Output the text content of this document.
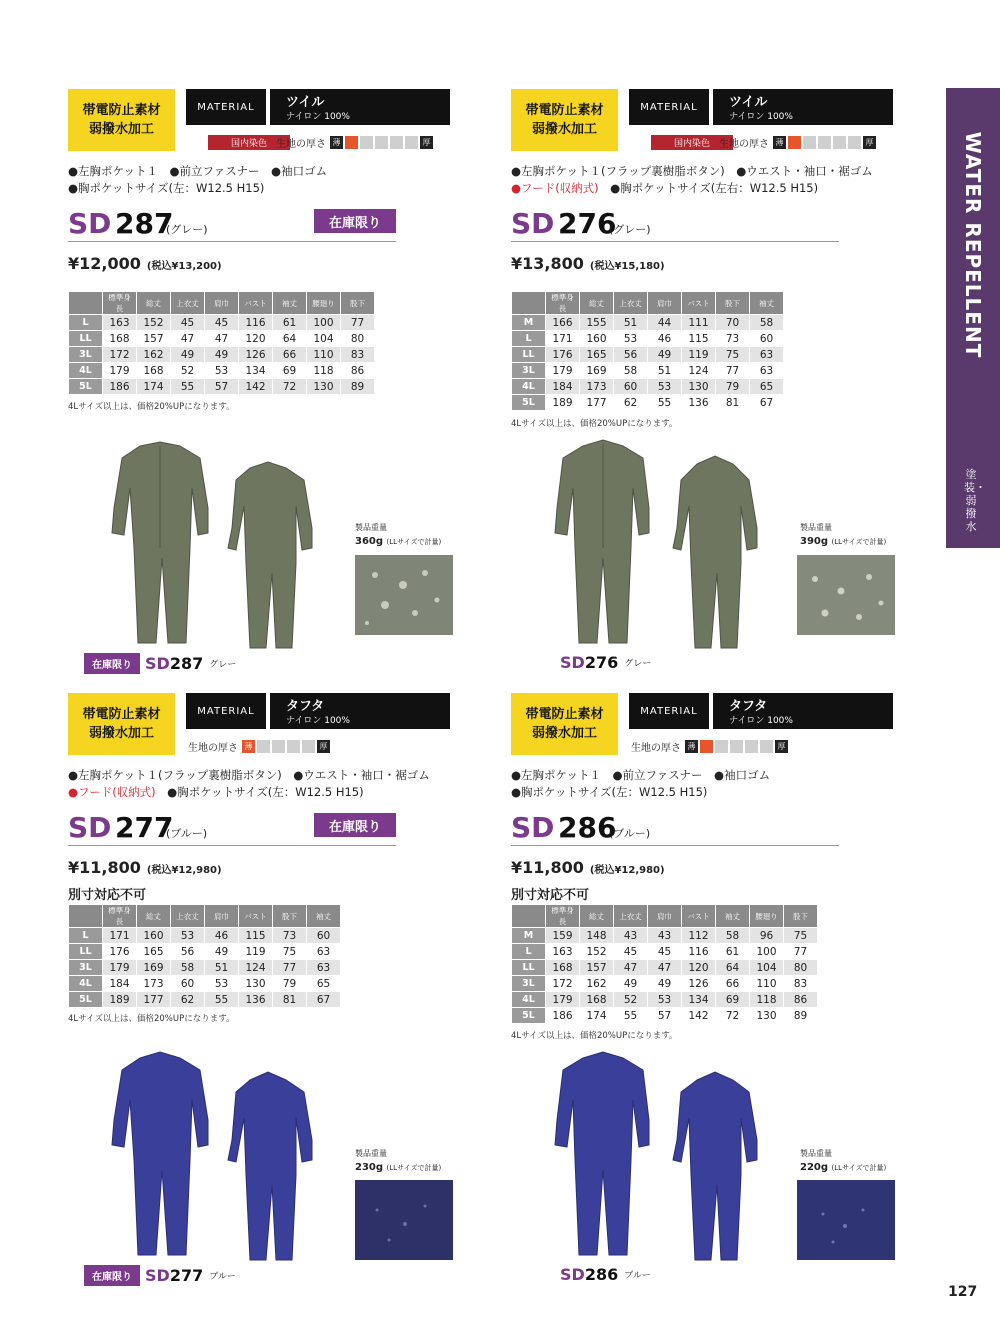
WATER REPELLENT
塗装・弱撥水
帯電防止素材
弱撥水加工
MATERIAL	ツイル
ナイロン 100%
国内染色 生地の厚さ 薄	厚
●左胸ポケット１　●前立ファスナー　●袖口ゴム
●胸ポケットサイズ(左：W12.5 H15)
SD 287
(グレー)	在庫限り
¥12,000 (税込¥13,200)
	標準身長	総丈	上衣丈	肩巾	バスト	袖丈	腰廻り	股下
L	163	152	45	45	116	61	100	77
LL	168	157	47	47	120	64	104	80
3L	172	162	49	49	126	66	110	83
4L	179	168	52	53	134	69	118	86
5L	186	174	55	57	142	72	130	89
4Lサイズ以上は、価格20%UPになります。
製品重量
360g (LLサイズで計量)
在庫限り SD 287 グレー
帯電防止素材
弱撥水加工
MATERIAL	ツイル
ナイロン 100%
国内染色 生地の厚さ 薄	厚
●左胸ポケット１(フラップ裏樹脂ボタン)　●ウエスト・袖口・裾ゴム
●フード(収納式)　●胸ポケットサイズ(左右：W12.5 H15)
SD 276
(グレー)
¥13,800 (税込¥15,180)
	標準身長	総丈	上衣丈	肩巾	バスト	股下	袖丈
M	166	155	51	44	111	70	58
L	171	160	53	46	115	73	60
LL	176	165	56	49	119	75	63
3L	179	169	58	51	124	77	63
4L	184	173	60	53	130	79	65
5L	189	177	62	55	136	81	67
4Lサイズ以上は、価格20%UPになります。
製品重量
390g (LLサイズで計量)
SD 276 グレー
帯電防止素材
弱撥水加工
MATERIAL	タフタ
ナイロン 100%
生地の厚さ 薄	厚
●左胸ポケット１(フラップ裏樹脂ボタン)　●ウエスト・袖口・裾ゴム
●フード(収納式)　●胸ポケットサイズ(左：W12.5 H15)
SD 277
(ブルー)	在庫限り
¥11,800 (税込¥12,980)
別寸対応不可
	標準身長	総丈	上衣丈	肩巾	バスト	股下	袖丈
L	171	160	53	46	115	73	60
LL	176	165	56	49	119	75	63
3L	179	169	58	51	124	77	63
4L	184	173	60	53	130	79	65
5L	189	177	62	55	136	81	67
4Lサイズ以上は、価格20%UPになります。
製品重量
230g (LLサイズで計量)
在庫限り SD 277 ブルー
帯電防止素材
弱撥水加工
MATERIAL	タフタ
ナイロン 100%
生地の厚さ 薄	厚
●左胸ポケット１　●前立ファスナー　●袖口ゴム
●胸ポケットサイズ(左：W12.5 H15)
SD 286
(ブルー)
¥11,800 (税込¥12,980)
別寸対応不可
	標準身長	総丈	上衣丈	肩巾	バスト	袖丈	腰廻り	股下
M	159	148	43	43	112	58	96	75
L	163	152	45	45	116	61	100	77
LL	168	157	47	47	120	64	104	80
3L	172	162	49	49	126	66	110	83
4L	179	168	52	53	134	69	118	86
5L	186	174	55	57	142	72	130	89
4Lサイズ以上は、価格20%UPになります。
製品重量
220g (LLサイズで計量)
SD 286 ブルー
127
